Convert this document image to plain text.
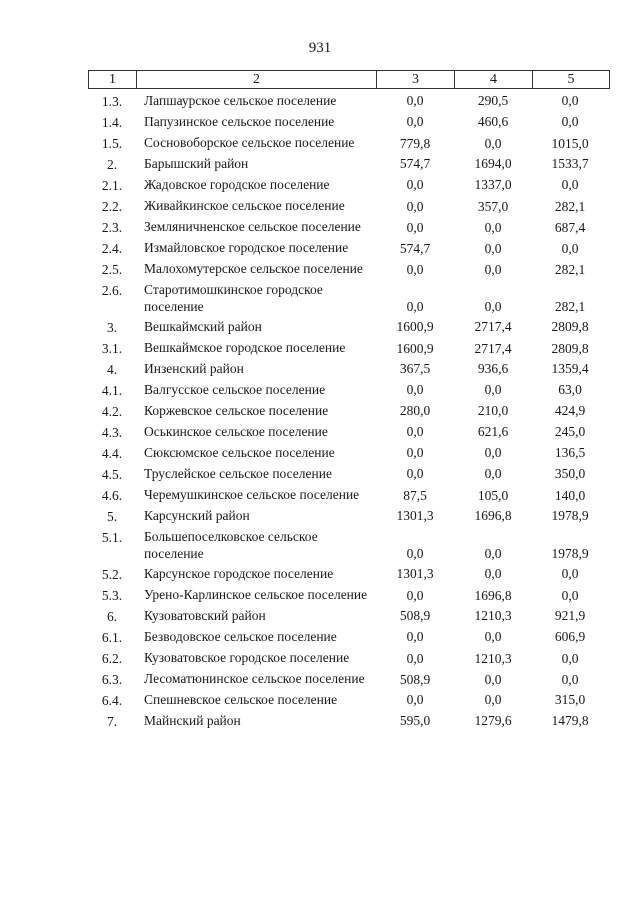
931
1	2	3	4	5
1.3.	Лапшаурское сельское поселение	0,0	290,5	0,0
1.4.	Папузинское сельское поселение	0,0	460,6	0,0
1.5.	Сосновоборское сельское поселение	779,8	0,0	1015,0
2.	Барышский район	574,7	1694,0	1533,7
2.1.	Жадовское городское поселение	0,0	1337,0	0,0
2.2.	Живайкинское сельское поселение	0,0	357,0	282,1
2.3.	Земляничненское сельское поселение	0,0	0,0	687,4
2.4.	Измайловское городское поселение	574,7	0,0	0,0
2.5.	Малохомутерское сельское поселение	0,0	0,0	282,1
2.6.	Старотимошкинское городское поселение	0,0	0,0	282,1
3.	Вешкаймский район	1600,9	2717,4	2809,8
3.1.	Вешкаймское городское поселение	1600,9	2717,4	2809,8
4.	Инзенский район	367,5	936,6	1359,4
4.1.	Валгусское сельское поселение	0,0	0,0	63,0
4.2.	Коржевское сельское поселение	280,0	210,0	424,9
4.3.	Оськинское сельское поселение	0,0	621,6	245,0
4.4.	Сюксюмское сельское поселение	0,0	0,0	136,5
4.5.	Труслейское сельское поселение	0,0	0,0	350,0
4.6.	Черемушкинское сельское поселение	87,5	105,0	140,0
5.	Карсунский район	1301,3	1696,8	1978,9
5.1.	Большепоселковское сельское поселение	0,0	0,0	1978,9
5.2.	Карсунское городское поселение	1301,3	0,0	0,0
5.3.	Урено-Карлинское сельское поселение	0,0	1696,8	0,0
6.	Кузоватовский район	508,9	1210,3	921,9
6.1.	Безводовское сельское поселение	0,0	0,0	606,9
6.2.	Кузоватовское городское поселение	0,0	1210,3	0,0
6.3.	Лесоматюнинское сельское поселение	508,9	0,0	0,0
6.4.	Спешневское сельское поселение	0,0	0,0	315,0
7.	Майнский район	595,0	1279,6	1479,8
